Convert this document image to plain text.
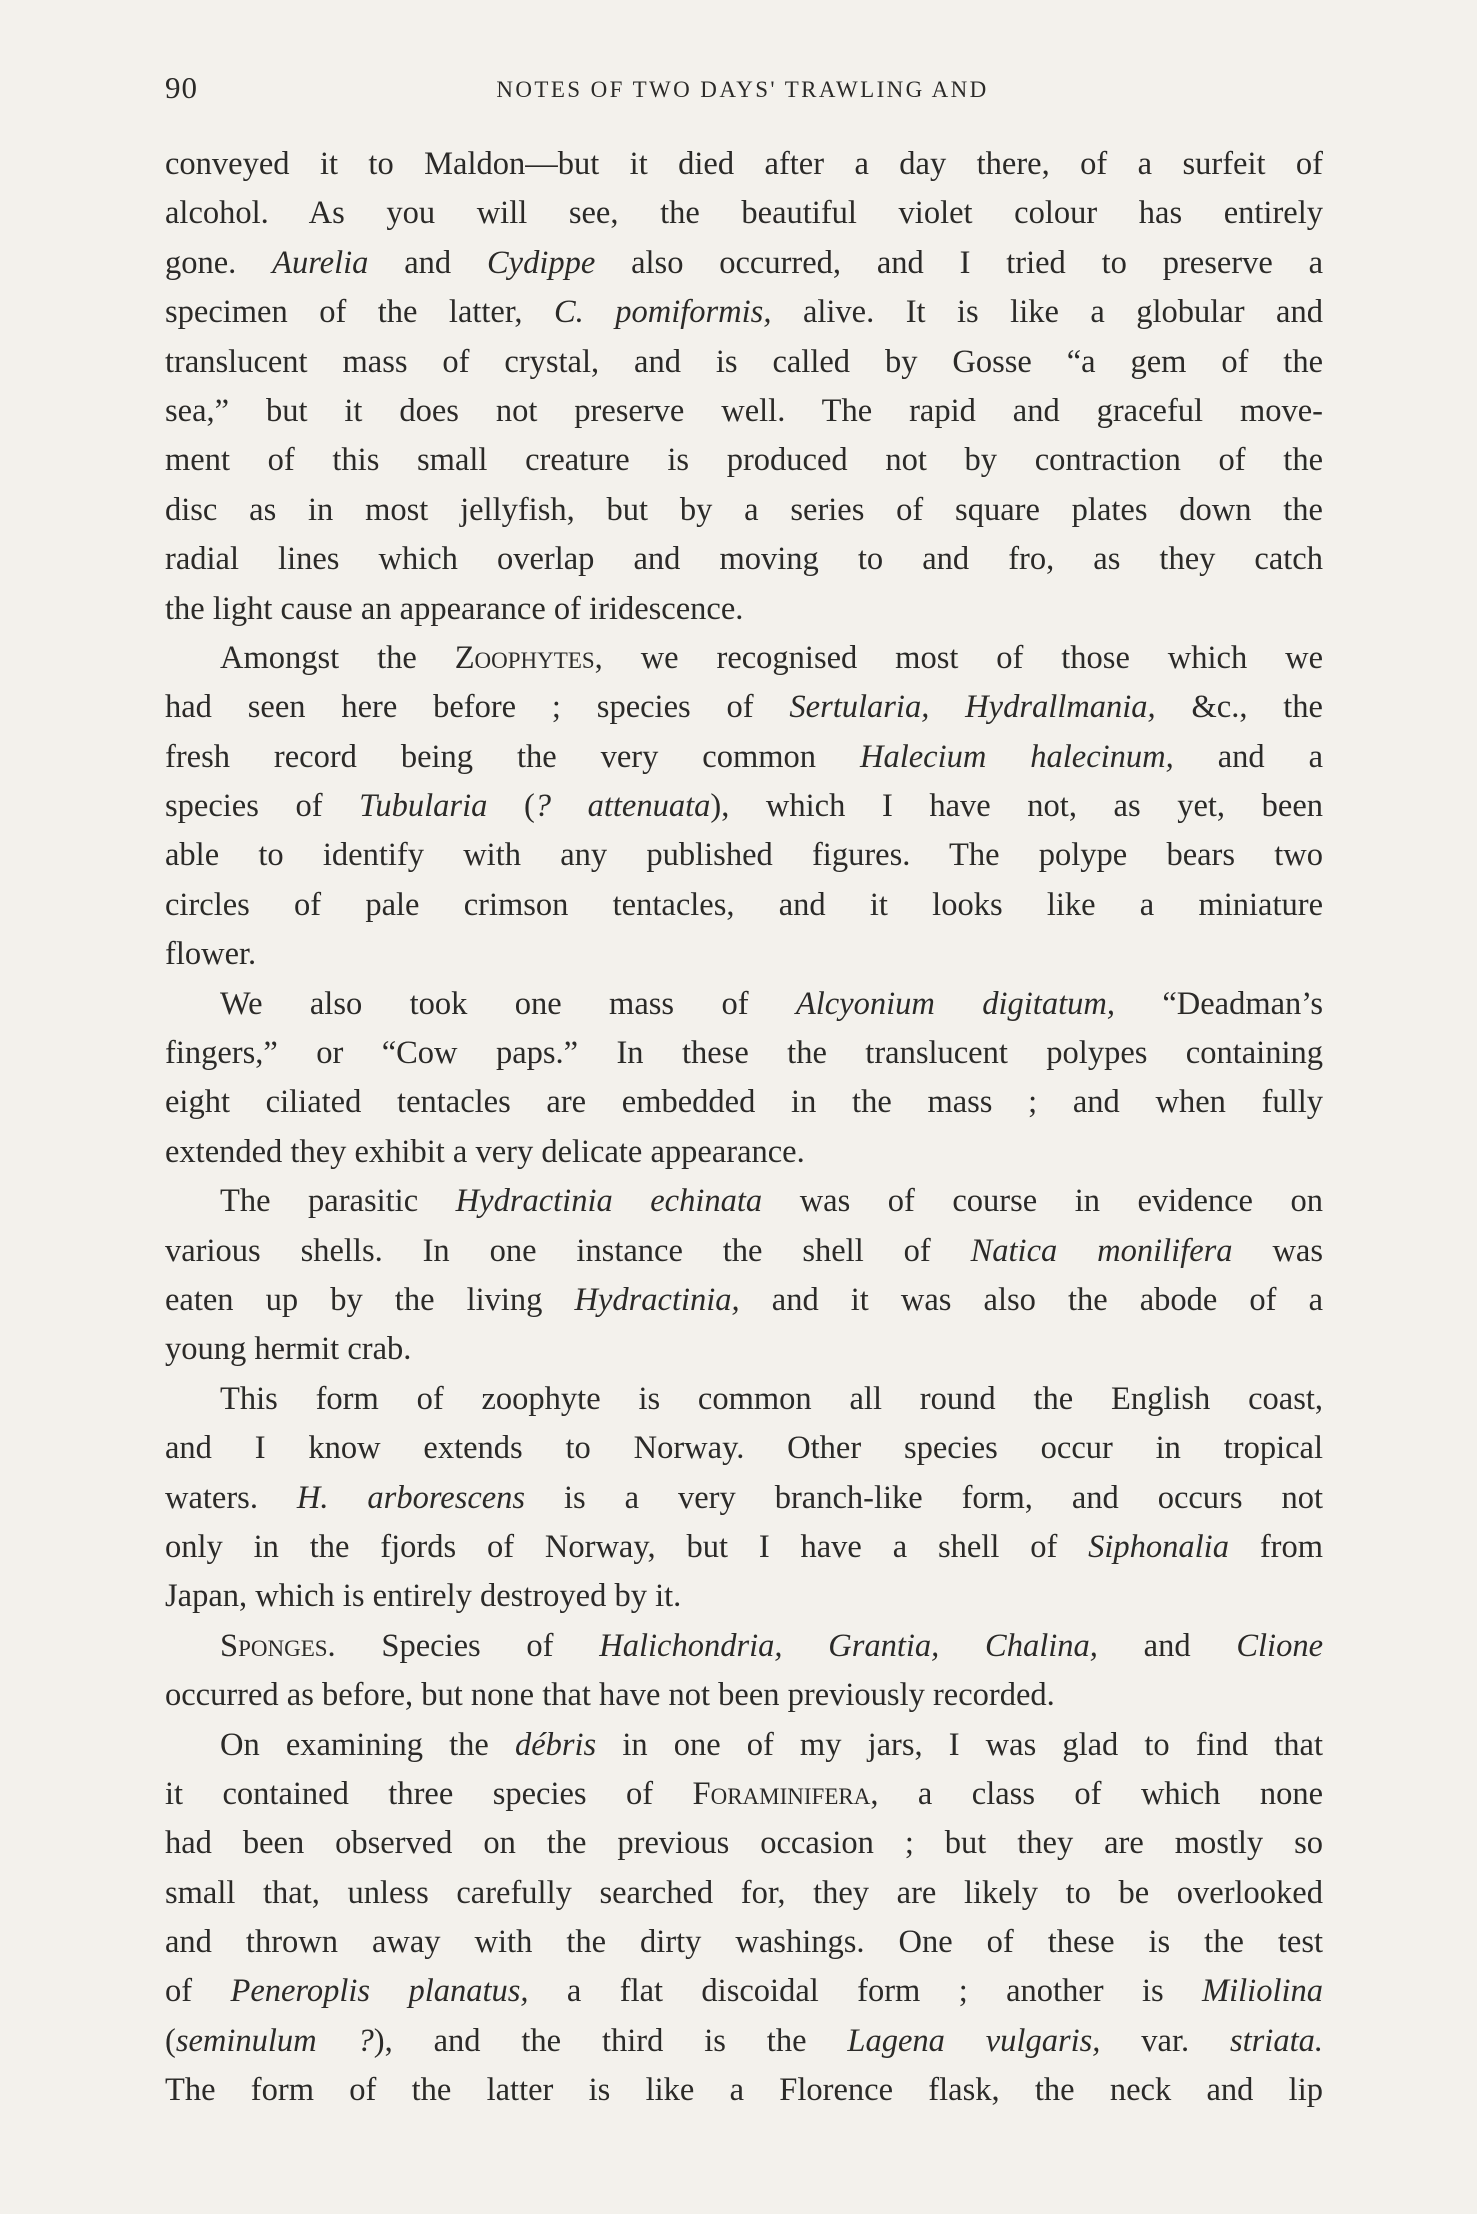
90	NOTES OF TWO DAYS' TRAWLING AND
conveyed it to Maldon—but it died after a day there, of a surfeit of
alcohol. As you will see, the beautiful violet colour has entirely
gone. Aurelia and Cydippe also occurred, and I tried to preserve a
specimen of the latter, C. pomiformis, alive. It is like a globular and
translucent mass of crystal, and is called by Gosse “a gem of the
sea,” but it does not preserve well. The rapid and graceful move-
ment of this small creature is produced not by contraction of the
disc as in most jellyfish, but by a series of square plates down the
radial lines which overlap and moving to and fro, as they catch
the light cause an appearance of iridescence.
Amongst the Zoophytes, we recognised most of those which we
had seen here before ; species of Sertularia, Hydrallmania, &c., the
fresh record being the very common Halecium halecinum, and a
species of Tubularia (? attenuata), which I have not, as yet, been
able to identify with any published figures. The polype bears two
circles of pale crimson tentacles, and it looks like a miniature
flower.
We also took one mass of Alcyonium digitatum, “Deadman’s
fingers,” or “Cow paps.” In these the translucent polypes containing
eight ciliated tentacles are embedded in the mass ; and when fully
extended they exhibit a very delicate appearance.
The parasitic Hydractinia echinata was of course in evidence on
various shells. In one instance the shell of Natica monilifera was
eaten up by the living Hydractinia, and it was also the abode of a
young hermit crab.
This form of zoophyte is common all round the English coast,
and I know extends to Norway. Other species occur in tropical
waters. H. arborescens is a very branch-like form, and occurs not
only in the fjords of Norway, but I have a shell of Siphonalia from
Japan, which is entirely destroyed by it.
Sponges. Species of Halichondria, Grantia, Chalina, and Clione
occurred as before, but none that have not been previously recorded.
On examining the débris in one of my jars, I was glad to find that
it contained three species of Foraminifera, a class of which none
had been observed on the previous occasion ; but they are mostly so
small that, unless carefully searched for, they are likely to be overlooked
and thrown away with the dirty washings. One of these is the test
of Peneroplis planatus, a flat discoidal form ; another is Miliolina
(seminulum ?), and the third is the Lagena vulgaris, var. striata.
The form of the latter is like a Florence flask, the neck and lip
